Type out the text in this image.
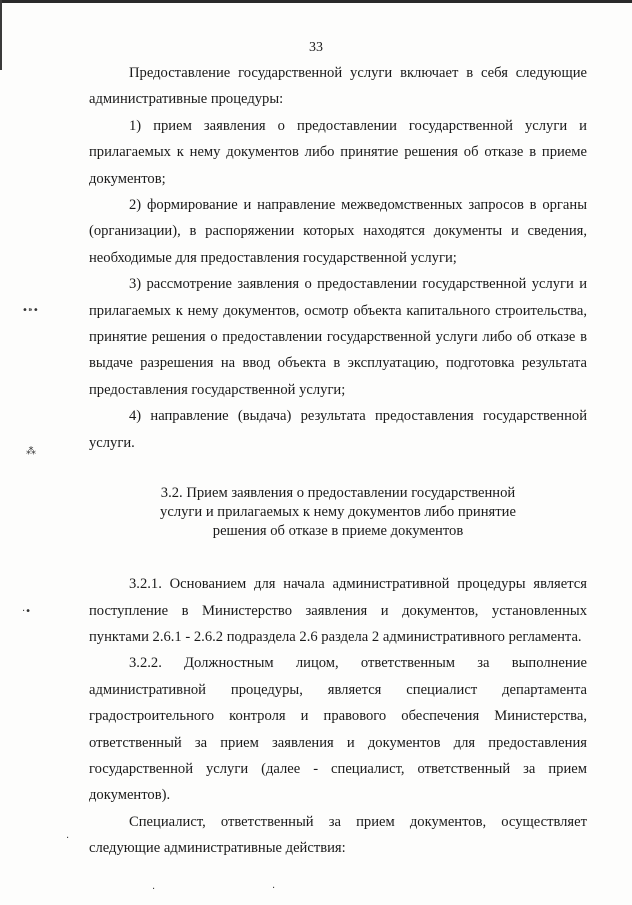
33

Предоставление государственной услуги включает в себя следующие административные процедуры:

1) прием заявления о предоставлении государственной услуги и прилагаемых к нему документов либо принятие решения об отказе в приеме документов;

2) формирование и направление межведомственных запросов в органы (организации), в распоряжении которых находятся документы и сведения, необходимые для предоставления государственной услуги;

3) рассмотрение заявления о предоставлении государственной услуги и прилагаемых к нему документов, осмотр объекта капитального строительства, принятие решения о предоставлении государственной услуги либо об отказе в выдаче разрешения на ввод объекта в эксплуатацию, подготовка результата предоставления государственной услуги;

4) направление (выдача) результата предоставления государственной услуги.

3.2. Прием заявления о предоставлении государственной
услуги и прилагаемых к нему документов либо принятие
решения об отказе в приеме документов

3.2.1. Основанием для начала административной процедуры является поступление в Министерство заявления и документов, установленных пунктами 2.6.1 - 2.6.2 подраздела 2.6 раздела 2 административного регламента.

3.2.2. Должностным лицом, ответственным за выполнение административной процедуры, является специалист департамента градостроительного контроля и правового обеспечения Министерства, ответственный за прием заявления и документов для предоставления государственной услуги (далее - специалист, ответственный за прием документов).

Специалист, ответственный за прием документов, осуществляет следующие административные действия:

•⁍•
⁂
‧•
·
·	·
